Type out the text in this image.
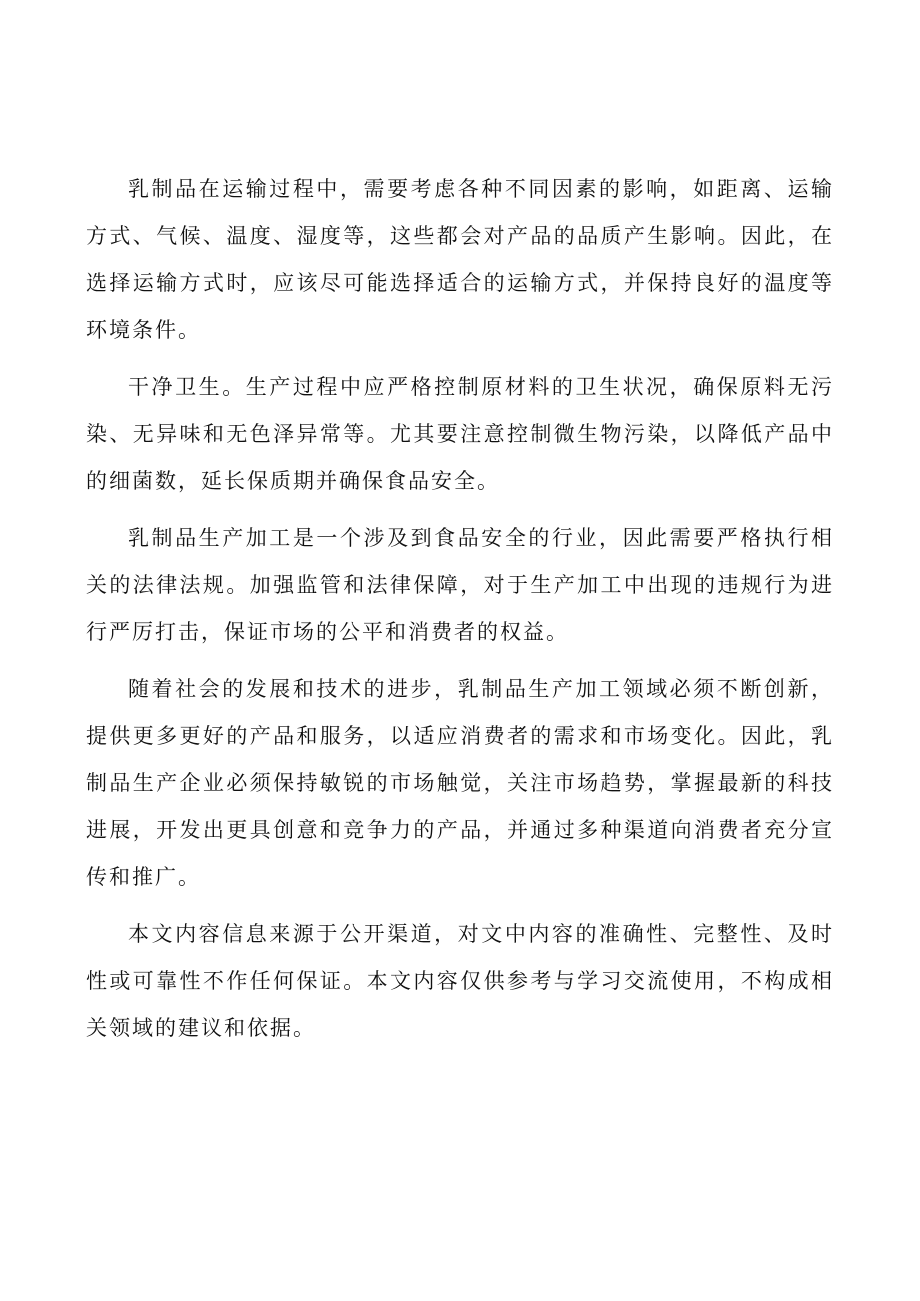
乳制品在运输过程中，需要考虑各种不同因素的影响，如距离、运输方式、气候、温度、湿度等，这些都会对产品的品质产生影响。因此，在选择运输方式时，应该尽可能选择适合的运输方式，并保持良好的温度等环境条件。

干净卫生。生产过程中应严格控制原材料的卫生状况，确保原料无污染、无异味和无色泽异常等。尤其要注意控制微生物污染，以降低产品中的细菌数，延长保质期并确保食品安全。

乳制品生产加工是一个涉及到食品安全的行业，因此需要严格执行相关的法律法规。加强监管和法律保障，对于生产加工中出现的违规行为进行严厉打击，保证市场的公平和消费者的权益。

随着社会的发展和技术的进步，乳制品生产加工领域必须不断创新，提供更多更好的产品和服务，以适应消费者的需求和市场变化。因此，乳制品生产企业必须保持敏锐的市场触觉，关注市场趋势，掌握最新的科技进展，开发出更具创意和竞争力的产品，并通过多种渠道向消费者充分宣传和推广。

本文内容信息来源于公开渠道，对文中内容的准确性、完整性、及时性或可靠性不作任何保证。本文内容仅供参考与学习交流使用，不构成相关领域的建议和依据。
